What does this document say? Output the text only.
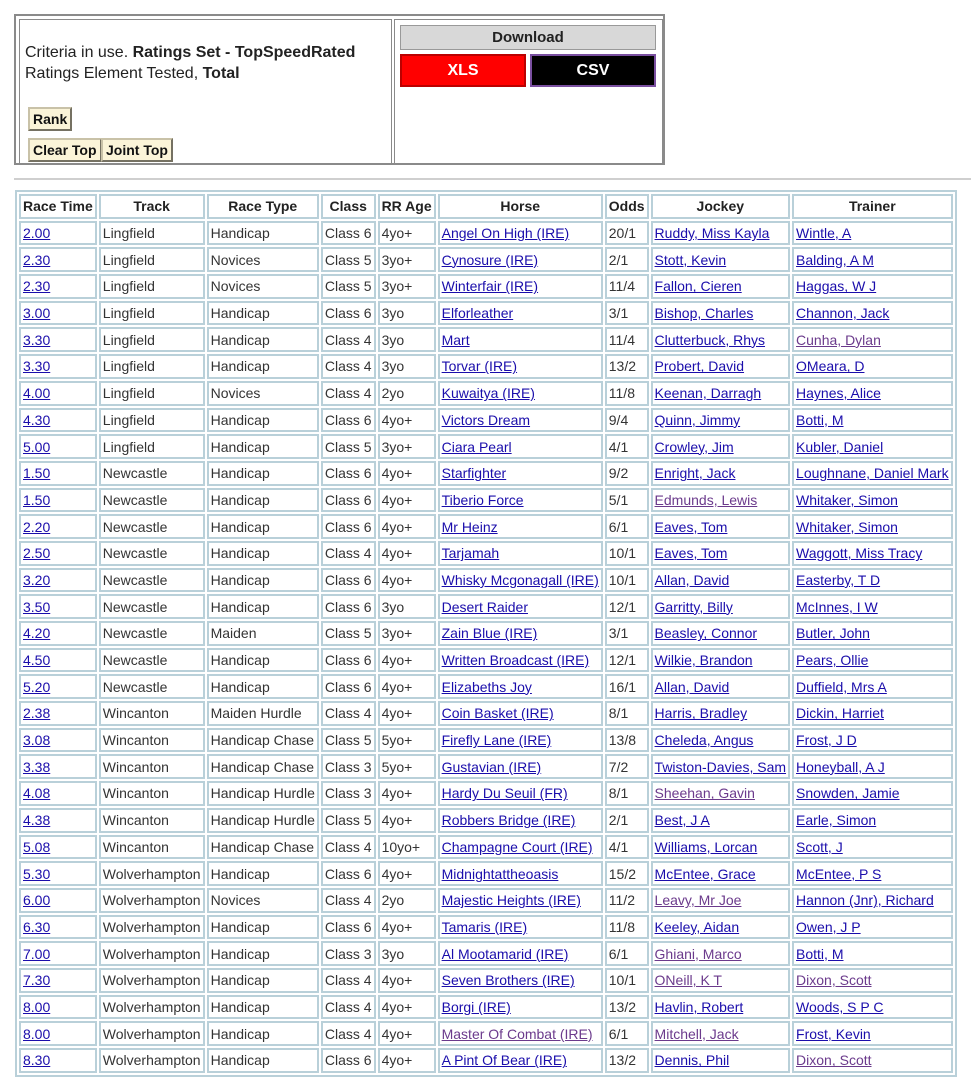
Criteria in use. Ratings Set - TopSpeedRated
Ratings Element Tested, Total
Rank
Clear Top Joint Top
Download
XLS	CSV
Race Time	Track	Race Type	Class	RR Age	Horse	Odds	Jockey	Trainer
2.00	Lingfield	Handicap	Class 6	4yo+	Angel On High (IRE)	20/1	Ruddy, Miss Kayla	Wintle, A
2.30	Lingfield	Novices	Class 5	3yo+	Cynosure (IRE)	2/1	Stott, Kevin	Balding, A M
2.30	Lingfield	Novices	Class 5	3yo+	Winterfair (IRE)	11/4	Fallon, Cieren	Haggas, W J
3.00	Lingfield	Handicap	Class 6	3yo	Elforleather	3/1	Bishop, Charles	Channon, Jack
3.30	Lingfield	Handicap	Class 4	3yo	Mart	11/4	Clutterbuck, Rhys	Cunha, Dylan
3.30	Lingfield	Handicap	Class 4	3yo	Torvar (IRE)	13/2	Probert, David	OMeara, D
4.00	Lingfield	Novices	Class 4	2yo	Kuwaitya (IRE)	11/8	Keenan, Darragh	Haynes, Alice
4.30	Lingfield	Handicap	Class 6	4yo+	Victors Dream	9/4	Quinn, Jimmy	Botti, M
5.00	Lingfield	Handicap	Class 5	3yo+	Ciara Pearl	4/1	Crowley, Jim	Kubler, Daniel
1.50	Newcastle	Handicap	Class 6	4yo+	Starfighter	9/2	Enright, Jack	Loughnane, Daniel Mark
1.50	Newcastle	Handicap	Class 6	4yo+	Tiberio Force	5/1	Edmunds, Lewis	Whitaker, Simon
2.20	Newcastle	Handicap	Class 6	4yo+	Mr Heinz	6/1	Eaves, Tom	Whitaker, Simon
2.50	Newcastle	Handicap	Class 4	4yo+	Tarjamah	10/1	Eaves, Tom	Waggott, Miss Tracy
3.20	Newcastle	Handicap	Class 6	4yo+	Whisky Mcgonagall (IRE)	10/1	Allan, David	Easterby, T D
3.50	Newcastle	Handicap	Class 6	3yo	Desert Raider	12/1	Garritty, Billy	McInnes, I W
4.20	Newcastle	Maiden	Class 5	3yo+	Zain Blue (IRE)	3/1	Beasley, Connor	Butler, John
4.50	Newcastle	Handicap	Class 6	4yo+	Written Broadcast (IRE)	12/1	Wilkie, Brandon	Pears, Ollie
5.20	Newcastle	Handicap	Class 6	4yo+	Elizabeths Joy	16/1	Allan, David	Duffield, Mrs A
2.38	Wincanton	Maiden Hurdle	Class 4	4yo+	Coin Basket (IRE)	8/1	Harris, Bradley	Dickin, Harriet
3.08	Wincanton	Handicap Chase	Class 5	5yo+	Firefly Lane (IRE)	13/8	Cheleda, Angus	Frost, J D
3.38	Wincanton	Handicap Chase	Class 3	5yo+	Gustavian (IRE)	7/2	Twiston-Davies, Sam	Honeyball, A J
4.08	Wincanton	Handicap Hurdle	Class 3	4yo+	Hardy Du Seuil (FR)	8/1	Sheehan, Gavin	Snowden, Jamie
4.38	Wincanton	Handicap Hurdle	Class 5	4yo+	Robbers Bridge (IRE)	2/1	Best, J A	Earle, Simon
5.08	Wincanton	Handicap Chase	Class 4	10yo+	Champagne Court (IRE)	4/1	Williams, Lorcan	Scott, J
5.30	Wolverhampton	Handicap	Class 6	4yo+	Midnightattheoasis	15/2	McEntee, Grace	McEntee, P S
6.00	Wolverhampton	Novices	Class 4	2yo	Majestic Heights (IRE)	11/2	Leavy, Mr Joe	Hannon (Jnr), Richard
6.30	Wolverhampton	Handicap	Class 6	4yo+	Tamaris (IRE)	11/8	Keeley, Aidan	Owen, J P
7.00	Wolverhampton	Handicap	Class 3	3yo	Al Mootamarid (IRE)	6/1	Ghiani, Marco	Botti, M
7.30	Wolverhampton	Handicap	Class 4	4yo+	Seven Brothers (IRE)	10/1	ONeill, K T	Dixon, Scott
8.00	Wolverhampton	Handicap	Class 4	4yo+	Borgi (IRE)	13/2	Havlin, Robert	Woods, S P C
8.00	Wolverhampton	Handicap	Class 4	4yo+	Master Of Combat (IRE)	6/1	Mitchell, Jack	Frost, Kevin
8.30	Wolverhampton	Handicap	Class 6	4yo+	A Pint Of Bear (IRE)	13/2	Dennis, Phil	Dixon, Scott
